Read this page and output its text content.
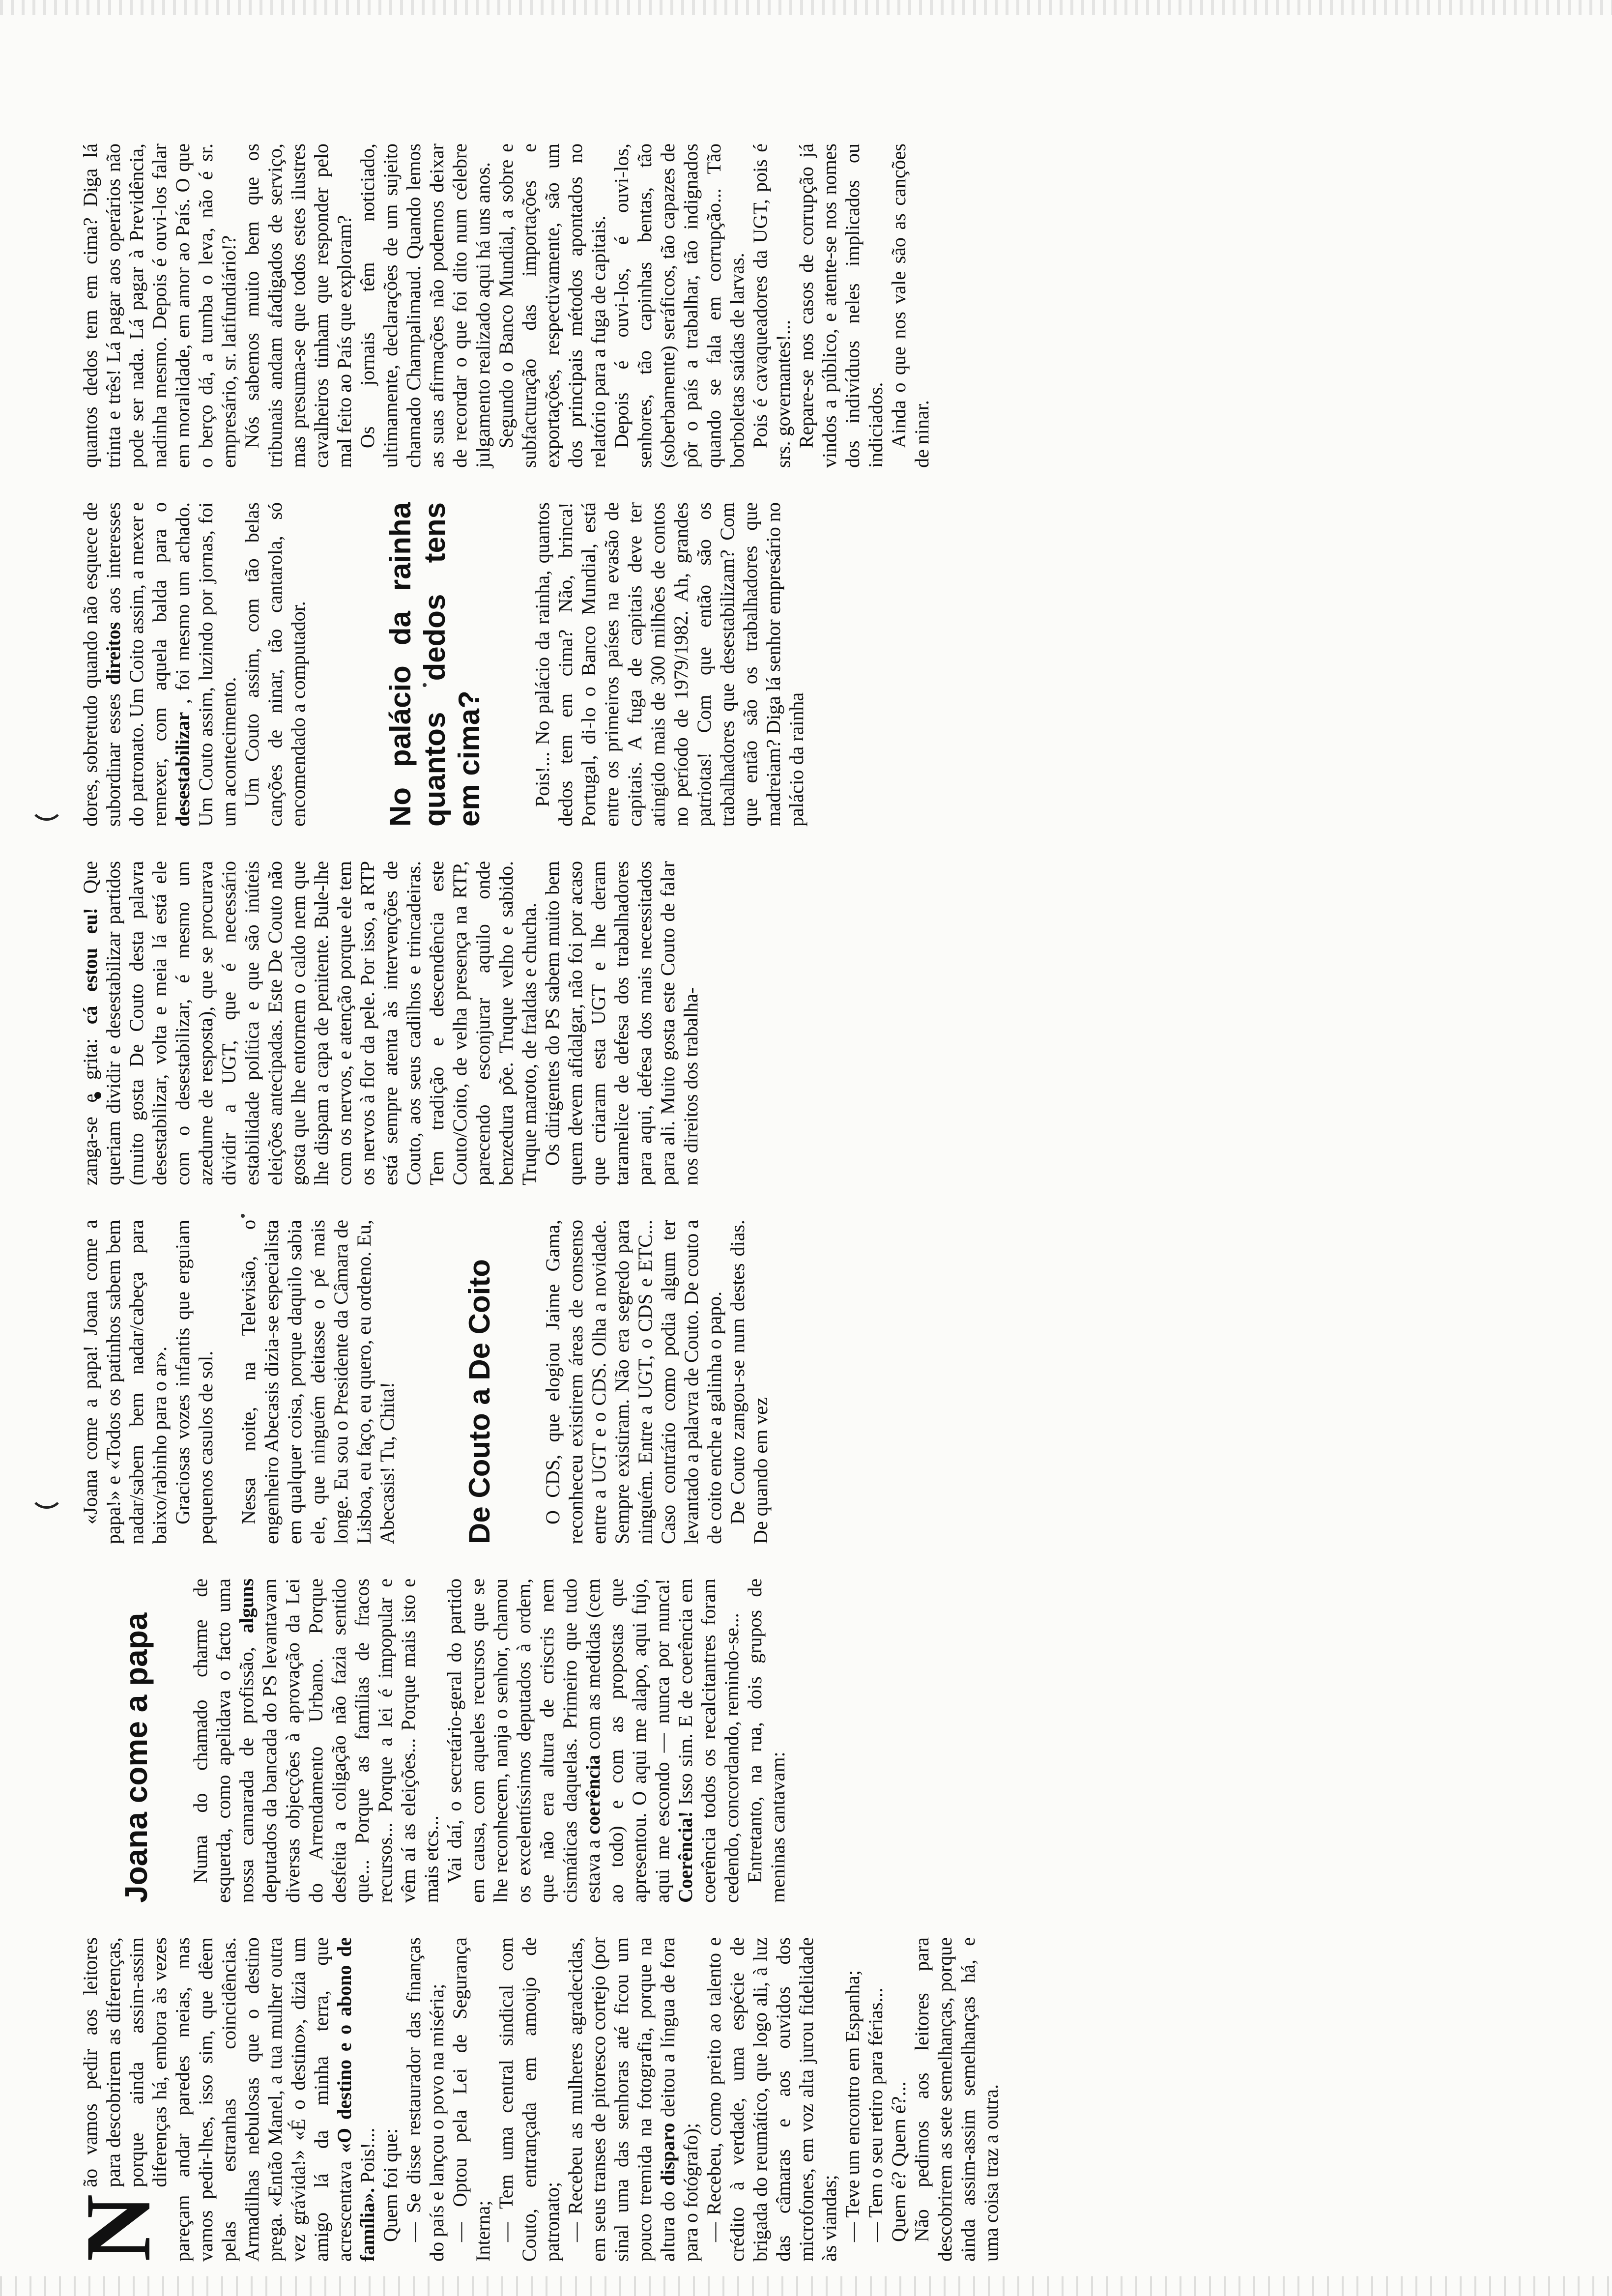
N
ão vamos pedir aos leitores para descobrirem as diferenças, porque ainda assim-assim diferenças há, embora às vezes pareçam andar paredes meias, mas vamos pedir-lhes, isso sim, que dêem pelas estranhas coincidências. Armadilhas nebulosas que o destino prega. «Então Manel, a tua mulher outra vez grávida!» «É o destino», dizia um amigo lá da minha terra, que acrescentava «O destino e o abono de família». Pois!... Quem foi que: — Se disse restaurador das finanças do país e lançou o povo na miséria; — Optou pela Lei de Segurança Interna; — Tem uma central sindical com Couto, entrançada em amoujo de patronato; — Recebeu as mulheres agradecidas, em seus transes de pitoresco cortejo (por sinal uma das senhoras até ficou um pouco tremida na fotografia, porque na altura do disparo deitou a língua de fora para o fotógrafo); — Recebeu, como preito ao talento e crédito à verdade, uma espécie de brigada do reumático, que logo ali, à luz das câmaras e aos ouvidos dos microfones, em voz alta jurou fidelidade às viandas; — Teve um encontro em Espanha; — Tem o seu retiro para férias... Quem é? Quem é?... Não pedimos aos leitores para descobrirem as sete semelhanças, porque ainda assim-assim semelhanças há, e uma coisa traz a outra.

Joana come a papa Numa do chamado charme de esquerda, como apelidava o facto uma nossa camarada de profissão, alguns deputados da bancada do PS levantavam diversas objecções à aprovação da Lei do Arrendamento Urbano. Porque desfeita a coligação não fazia sentido que... Porque as famílias de fracos recursos... Porque a lei é impopular e vêm aí as eleições... Porque mais isto e mais etcs... Vai daí, o secretário-geral do partido em causa, com aqueles recursos que se lhe reconhecem, nanja o senhor, chamou os excelentíssimos deputados à ordem, que não era altura de criscris nem cismáticas daquelas. Primeiro que tudo estava a coerência com as medidas (cem ao todo) e com as propostas que apresentou. O aqui me alapo, aqui fujo, aqui me escondo — nunca por nunca! Coerência! Isso sim. E de coerência em coerência todos os recalcitantres foram cedendo, concordando, remindo-se... Entretanto, na rua, dois grupos de meninas cantavam:

«Joana come a papa! Joana come a papa!» e «Todos os patinhos sabem bem nadar/sabem bem nadar/cabeça para baixo/rabinho para o ar». Graciosas vozes infantis que erguiam pequenos casulos de sol. Nessa noite, na Televisão, o engenheiro Abecasis dizia-se especialista em qualquer coisa, porque daquilo sabia ele, que ninguém deitasse o pé mais longe. Eu sou o Presidente da Câmara de Lisboa, eu faço, eu quero, eu ordeno. Eu, Abecasis! Tu, Chita! De Couto a De Coito O CDS, que elogiou Jaime Gama, reconheceu existirem áreas de consenso entre a UGT e o CDS. Olha a novidade. Sempre existiram. Não era segredo para ninguém. Entre a UGT, o CDS e ETC... Caso contrário como podia algum ter levantado a palavra de Couto. De couto a de coito enche a galinha o papo. De Couto zangou-se num destes dias. De quando em vez

zanga-se e grita: cá estou eu! Que queriam dividir e desestabilizar partidos (muito gosta De Couto desta palavra desestabilizar, volta e meia lá está ele com o desestabilizar, é mesmo um azedume de resposta), que se procurava dividir a UGT, que é necessário estabilidade política e que são inúteis eleições antecipadas. Este De Couto não gosta que lhe entornem o caldo nem que lhe dispam a capa de penitente. Bule-lhe com os nervos, e atenção porque ele tem os nervos à flor da pele. Por isso, a RTP está sempre atenta às intervenções de Couto, aos seus cadilhos e trincadeiras. Tem tradição e descendência este Couto/Coito, de velha presença na RTP, parecendo esconjurar aquilo onde benzedura põe. Truque velho e sabido. Truque maroto, de fraldas e chucha. Os dirigentes do PS sabem muito bem quem devem afidalgar, não foi por acaso que criaram esta UGT e lhe deram taramelice de defesa dos trabalhadores para aqui, defesa dos mais necessitados para ali. Muito gosta este Couto de falar nos direitos dos trabalha-

dores, sobretudo quando não esquece de subordinar esses direitos aos interesses do patronato. Um Coito assim, a mexer e remexer, com aquela balda para o desestabilizar , foi mesmo um achado. Um Couto assim, luzindo por jornas, foi um acontecimento. Um Couto assim, com tão belas canções de ninar, tão cantarola, só encomendado a computador.	No palácio da rainha quantos dedos tens em cima? Pois!... No palácio da rainha, quantos dedos tem em cima? Não, brinca! Portugal, di-lo o Banco Mundial, está entre os primeiros países na evasão de capitais. A fuga de capitais deve ter atingido mais de 300 milhões de contos no período de 1979/1982. Ah, grandes patriotas! Com que então são os trabalhadores que desestabilizam? Com que então são os trabalhadores que madreiam? Diga lá senhor empresário no palácio da rainha

quantos dedos tem em cima? Diga lá trinta e três! Lá pagar aos operários não pode ser nada. Lá pagar à Previdência, nadinha mesmo. Depois é ouvi-los falar em moralidade, em amor ao País. O que o berço dá, a tumba o leva, não é sr. empresário, sr. latifundiário!? Nós sabemos muito bem que os tribunais andam afadigados de serviço, mas presuma-se que todos estes ilustres cavalheiros tinham que responder pelo mal feito ao País que exploram? Os jornais têm noticiado, ultimamente, declarações de um sujeito chamado Champalimaud. Quando lemos as suas afirmações não podemos deixar de recordar o que foi dito num célebre julgamento realizado aqui há uns anos. Segundo o Banco Mundial, a sobre e subfacturação das importações e exportações, respectivamente, são um dos principais métodos apontados no relatório para a fuga de capitais. Depois é ouvi-los, é ouvi-los, senhores, tão capinhas bentas, tão (soberbamente) seráficos, tão capazes de pôr o país a trabalhar, tão indignados quando se fala em corrupção... Tão borboletas saídas de larvas. Pois é cavaqueadores da UGT, pois é srs. governantes!... Repare-se nos casos de corrupção já vindos a público, e atente-se nos nomes dos indivíduos neles implicados ou indiciados. Ainda o que nos vale são as canções de ninar.
